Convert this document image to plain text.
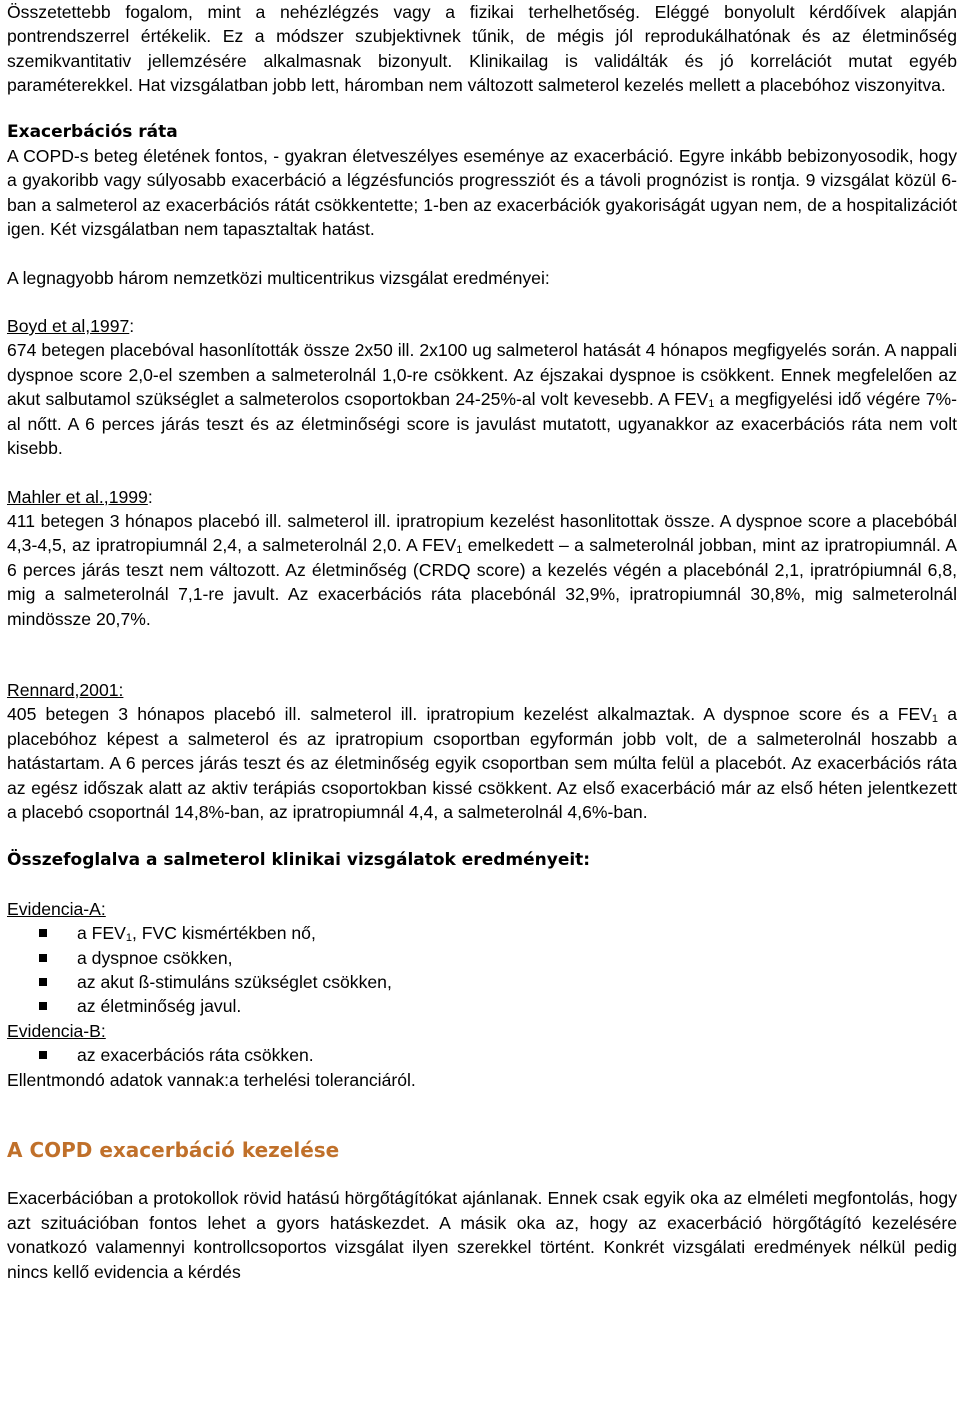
Összetettebb fogalom, mint a nehézlégzés vagy a fizikai terhelhetőség. Eléggé bonyolult kérdőívek alapján pontrendszerrel értékelik. Ez a módszer szubjektivnek tűnik, de mégis jól reprodukálhatónak és az életminőség szemikvantitativ jellemzésére alkalmasnak bizonyult. Klinikailag is validálták és jó korrelációt mutat egyéb paraméterekkel. Hat vizsgálatban jobb lett, háromban nem változott salmeterol kezelés mellett a placebóhoz viszonyitva.

Exacerbációs ráta

A COPD-s beteg életének fontos, - gyakran életveszélyes eseménye az exacerbáció. Egyre inkább bebizonyosodik, hogy a gyakoribb vagy súlyosabb exacerbáció a légzésfunciós progressziót és a távoli prognózist is rontja. 9 vizsgálat közül 6-ban a salmeterol az exacerbációs rátát csökkentette; 1-ben az exacerbációk gyakoriságát ugyan nem, de a hospitalizációt igen. Két vizsgálatban nem tapasztaltak hatást.

A legnagyobb három nemzetközi multicentrikus vizsgálat eredményei:

Boyd et al,1997:

674 betegen placebóval hasonlították össze 2x50 ill. 2x100 ug salmeterol hatását 4 hónapos megfigyelés során. A nappali dyspnoe score 2,0-el szemben a salmeterolnál 1,0-re csökkent. Az éjszakai dyspnoe is csökkent. Ennek megfelelően az akut salbutamol szükséglet a salmeterolos csoportokban 24-25%-al volt kevesebb. A $FEV_1$ a megfigyelési idő végére 7%-al nőtt. A 6 perces járás teszt és az életminőségi score is javulást mutatott, ugyanakkor az exacerbációs ráta nem volt kisebb.

Mahler et al.,1999:

411 betegen 3 hónapos placebó ill. salmeterol ill. ipratropium kezelést hasonlitottak össze. A dyspnoe score a placebóbál 4,3-4,5, az ipratropiumnál 2,4, a salmeterolnál 2,0. A $FEV_1$ emelkedett – a salmeterolnál jobban, mint az ipratropiumnál. A 6 perces járás teszt nem változott. Az életminőség (CRDQ score) a kezelés végén a placebónál 2,1, ipratrópiumnál 6,8, mig a salmeterolnál 7,1-re javult. Az exacerbációs ráta placebónál 32,9%, ipratropiumnál 30,8%, mig salmeterolnál mindössze 20,7%.

Rennard,2001:

405 betegen 3 hónapos placebó ill. salmeterol ill. ipratropium kezelést alkalmaztak. A dyspnoe score és a $FEV_1$ a placebóhoz képest a salmeterol és az ipratropium csoportban egyformán jobb volt, de a salmeterolnál hoszabb a hatástartam. A 6 perces járás teszt és az életminőség egyik csoportban sem múlta felül a placebót. Az exacerbációs ráta az egész időszak alatt az aktiv terápiás csoportokban kissé csökkent. Az első exacerbáció már az első héten jelentkezett a placebó csoportnál 14,8%-ban, az ipratropiumnál 4,4, a salmeterolnál 4,6%-ban.

Összefoglalva a salmeterol klinikai vizsgálatok eredményeit:
Evidencia-A:
a $FEV_1$, FVC kismértékben nő,
a dyspnoe csökken,
az akut ß-stimuláns szükséglet csökken,
az életminőség javul.
Evidencia-B:
az exacerbációs ráta csökken.
Ellentmondó adatok vannak:a terhelési toleranciáról.
A COPD exacerbáció kezelése

Exacerbációban a protokollok rövid hatású hörgőtágítókat ajánlanak. Ennek csak egyik oka az elméleti megfontolás, hogy azt szituációban fontos lehet a gyors hatáskezdet. A másik oka az, hogy az exacerbáció hörgőtágító kezelésére vonatkozó valamennyi kontrollcsoportos vizsgálat ilyen szerekkel történt. Konkrét vizsgálati eredmények nélkül pedig nincs kellő evidencia a kérdés
